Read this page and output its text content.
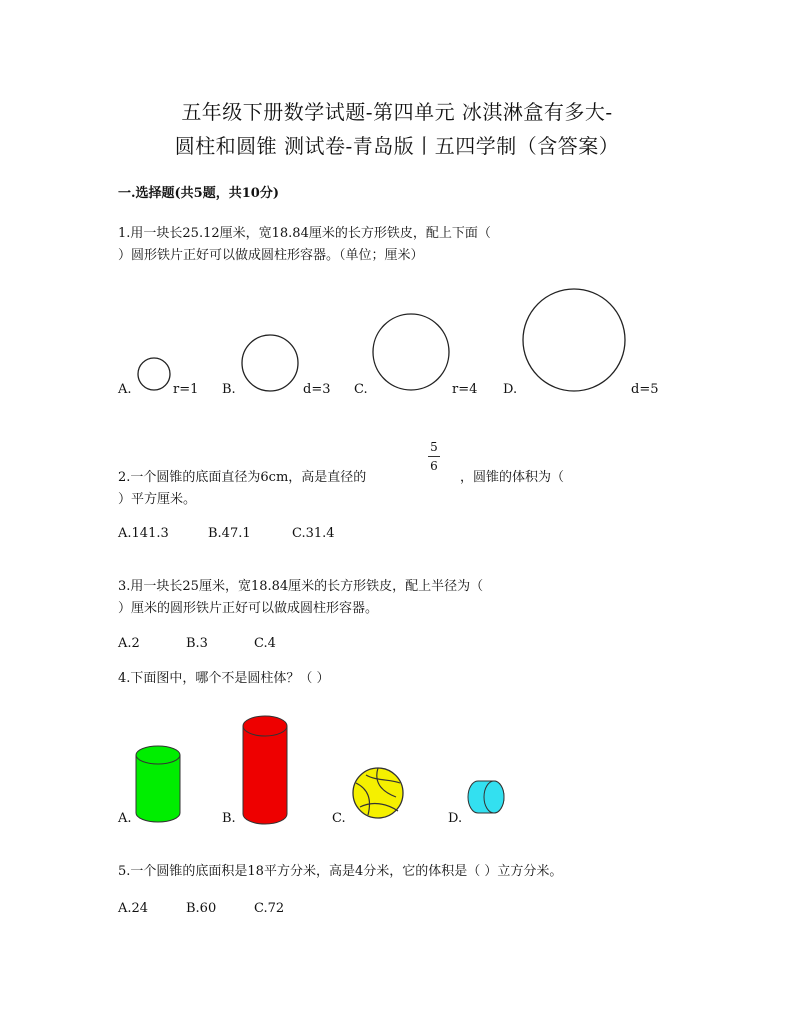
五年级下册数学试题-第四单元 冰淇淋盒有多大-
圆柱和圆锥 测试卷-青岛版丨五四学制（含答案）
一.选择题(共5题，共10分)
1.用一块长25.12厘米，宽18.84厘米的长方形铁皮，配上下面（
）圆形铁片正好可以做成圆柱形容器。（单位；厘米）
A.	r=1 B.	d=3 C.	r=4 D.	d=5
2.一个圆锥的底面直径为6cm，高是直径的
5
6
，圆锥的体积为（
）平方厘米。
A.141.3	B.47.1	C.31.4
3.用一块长25厘米，宽18.84厘米的长方形铁皮，配上半径为（
）厘米的圆形铁片正好可以做成圆柱形容器。
A.2	B.3	C.4
4.下面图中，哪个不是圆柱体？（ ）
A.	B.	C.	D.
5.一个圆锥的底面积是18平方分米，高是4分米，它的体积是（ ）立方分米。
A.24	B.60	C.72
